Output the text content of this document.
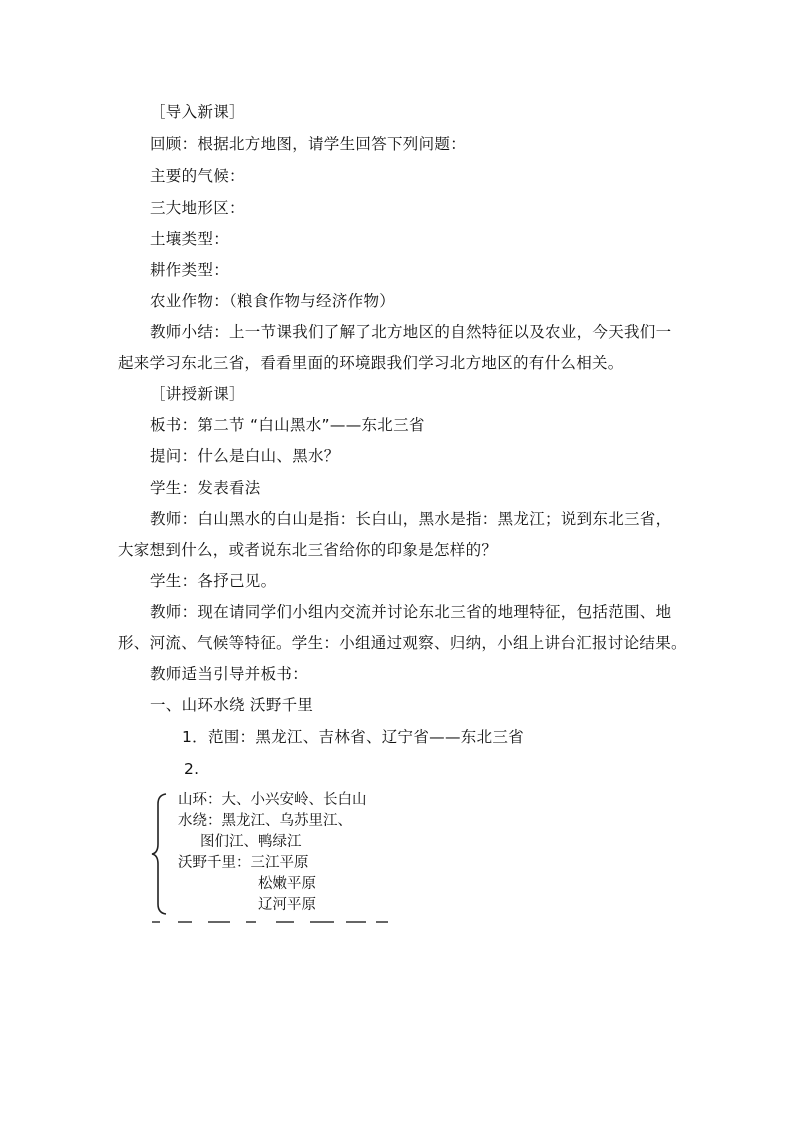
［导入新课］
回顾：根据北方地图，请学生回答下列问题：
主要的气候：
三大地形区：
土壤类型：
耕作类型：
农业作物：（粮食作物与经济作物）
教师小结：上一节课我们了解了北方地区的自然特征以及农业，今天我们一
起来学习东北三省，看看里面的环境跟我们学习北方地区的有什么相关。
［讲授新课］
板书：第二节 “白山黑水”——东北三省
提问：什么是白山、黑水？
学生：发表看法
教师：白山黑水的白山是指：长白山，黑水是指：黑龙江；说到东北三省，
大家想到什么，或者说东北三省给你的印象是怎样的？
学生：各抒己见。
教师：现在请同学们小组内交流并讨论东北三省的地理特征，包括范围、地
形、河流、气候等特征。学生：小组通过观察、归纳，小组上讲台汇报讨论结果。
教师适当引导并板书：
一、山环水绕 沃野千里
1．范围：黑龙江、吉林省、辽宁省——东北三省
2.
山环：大、小兴安岭、长白山
水绕：黑龙江、乌苏里江、
图们江、鸭绿江
沃野千里：三江平原
松嫩平原
辽河平原
